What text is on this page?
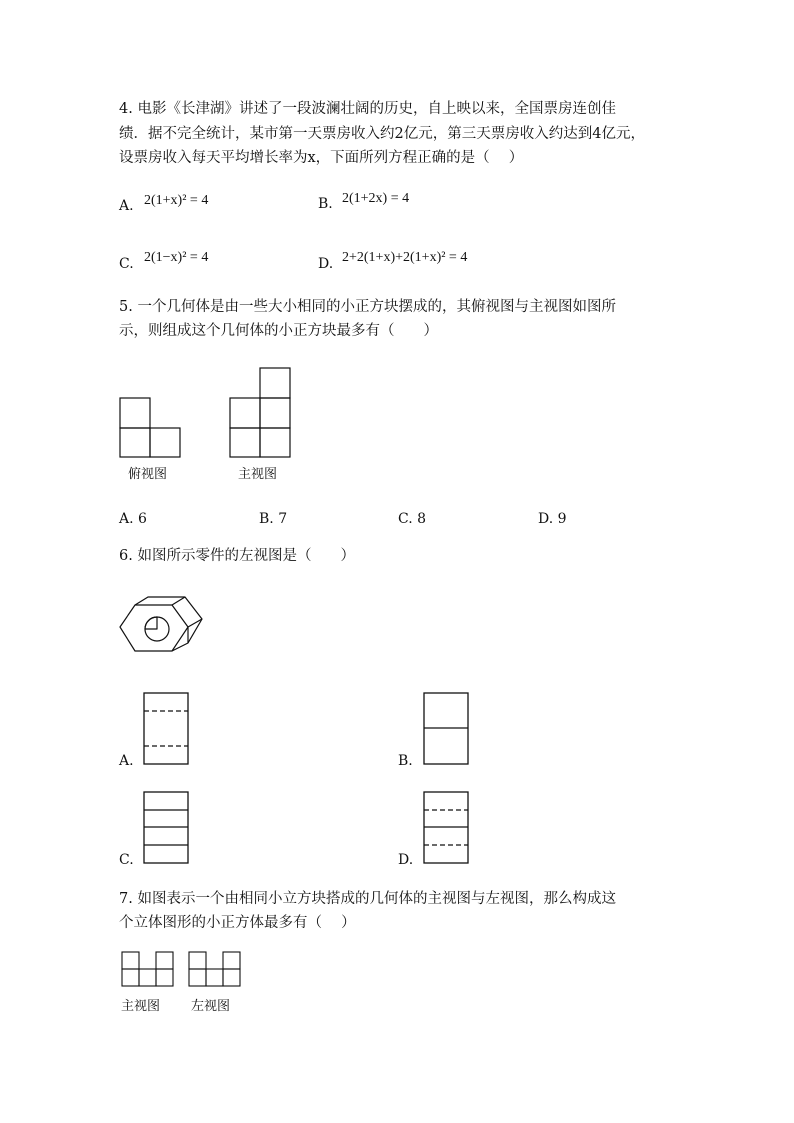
4. 电影《长津湖》讲述了一段波澜壮阔的历史，自上映以来，全国票房连创佳
绩．据不完全统计，某市第一天票房收入约2亿元，第三天票房收入约达到4亿元，
设票房收入每天平均增长率为x，下面所列方程正确的是（　 ）
A. 2(1+x)² = 4	B. 2(1+2x) = 4
C. 2(1−x)² = 4	D. 2+2(1+x)+2(1+x)² = 4
5. 一个几何体是由一些大小相同的小正方块摆成的，其俯视图与主视图如图所
示，则组成这个几何体的小正方块最多有（　　）
俯视图	主视图
A. 6	B. 7	C. 8	D. 9
6. 如图所示零件的左视图是（　　）
A.	B.
C.	D.
7. 如图表示一个由相同小立方块搭成的几何体的主视图与左视图，那么构成这
个立体图形的小正方体最多有（　 ）
主视图 左视图
